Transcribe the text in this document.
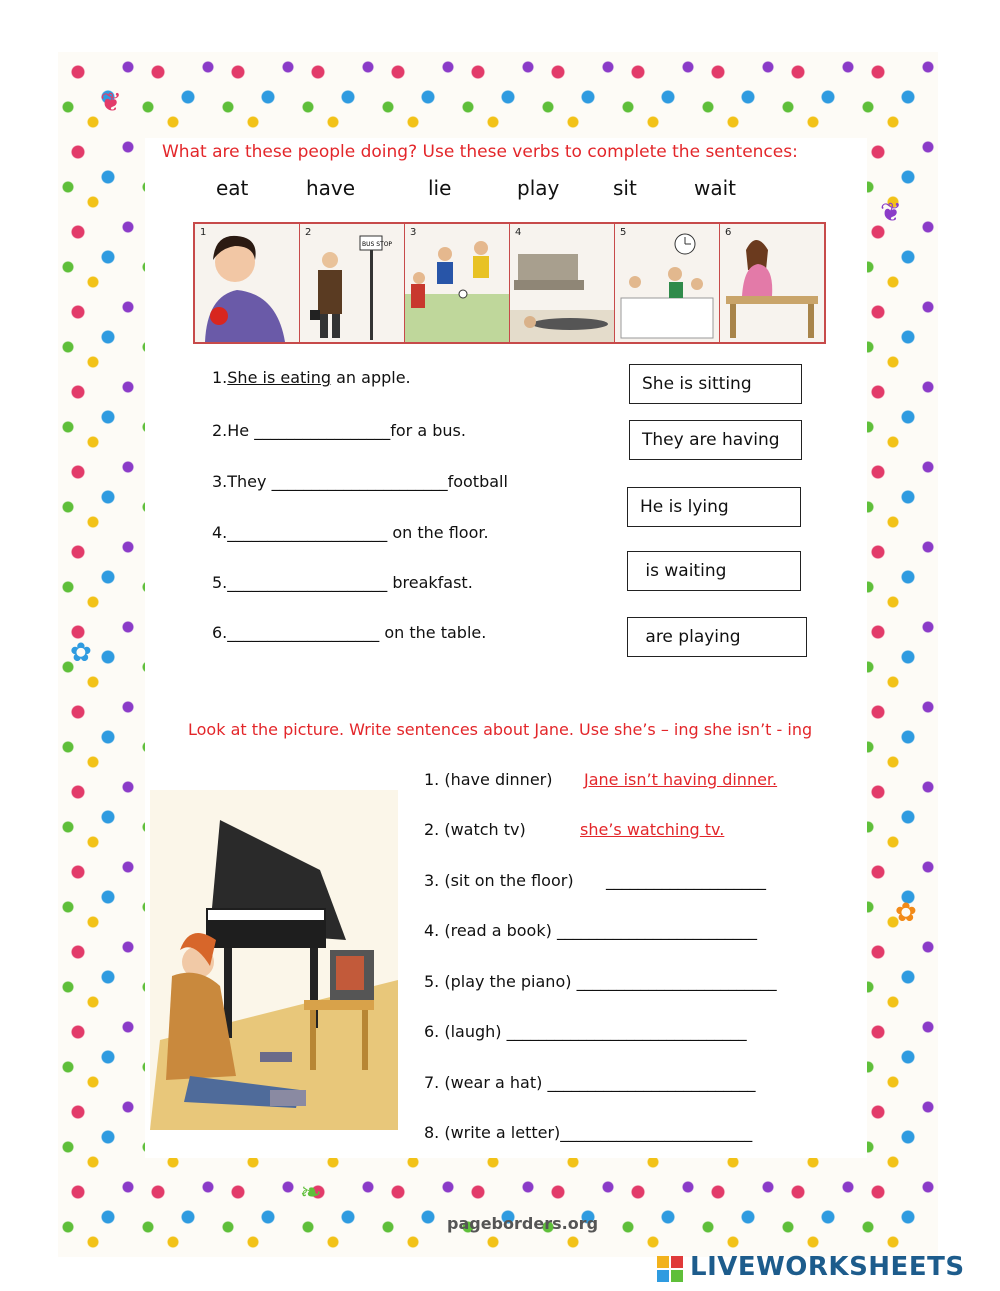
❦
❦
✿
✿
❧
What are these people doing? Use these verbs to complete the sentences:
eat	have	lie	play	sit	wait
1	2
BUS STOP
3	4	5	6
1.She is eating an apple.
2.He _________________for a bus.
3.They ______________________football
4.____________________ on the floor.
5.____________________ breakfast.
6.___________________ on the table.
She is sitting
They are having
He is lying
is waiting
are playing
Look at the picture. Write sentences about Jane. Use she’s – ing she isn’t - ing
1. (have dinner) Jane isn’t having dinner.
2. (watch tv)	she’s watching tv.
3. (sit on the floor) ____________________
4. (read a book) _________________________
5. (play the piano) _________________________
6. (laugh) ______________________________
7. (wear a hat) __________________________
8. (write a letter)________________________
pageborders.org
LIVEWORKSHEETS
